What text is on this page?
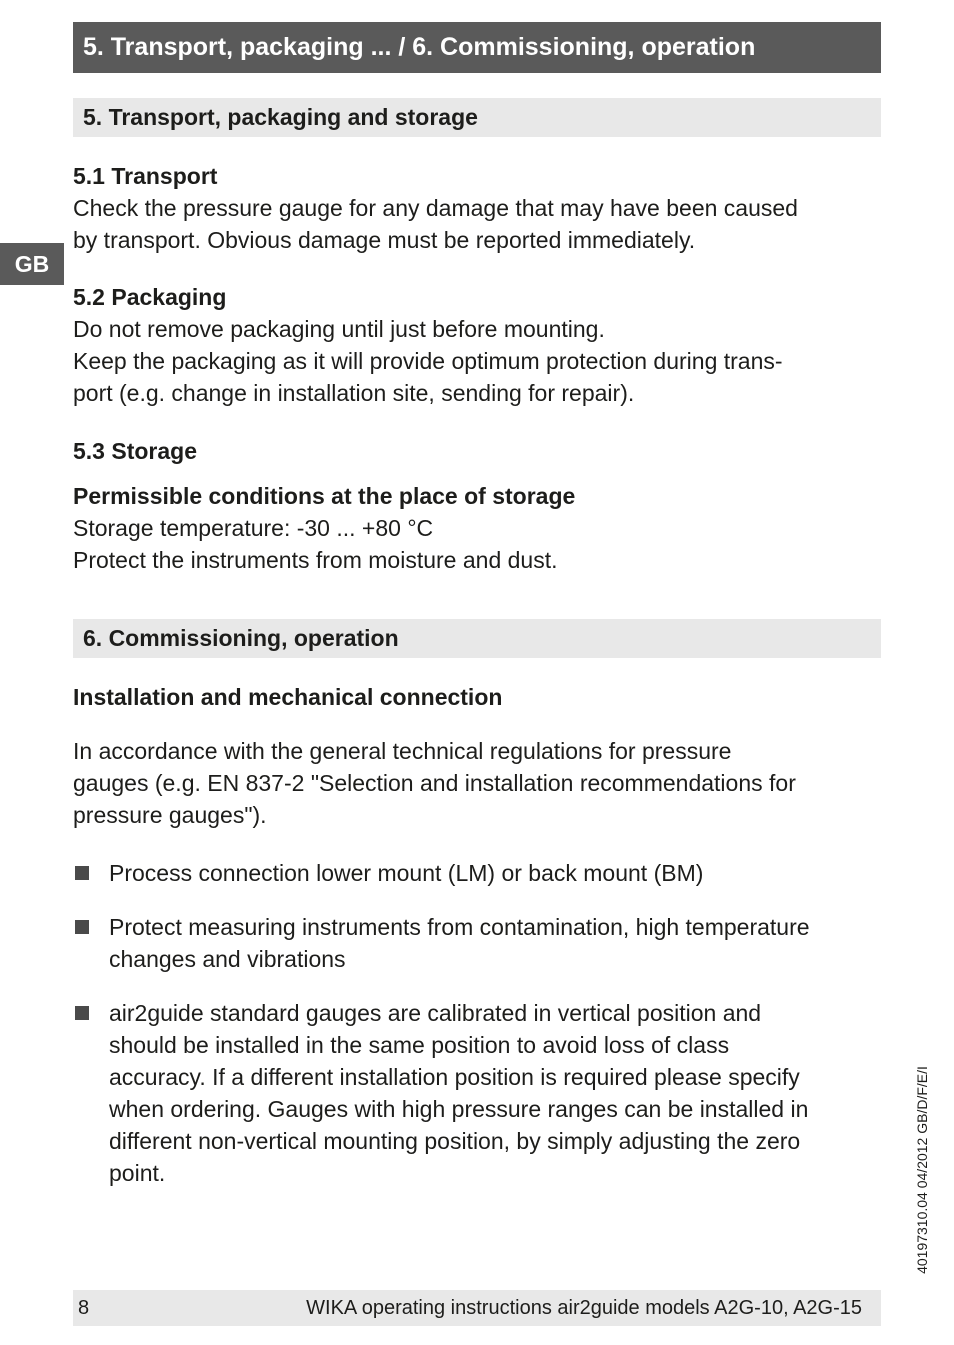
5. Transport, packaging ... / 6. Commissioning, operation
5. Transport, packaging and storage
GB

5.1 Transport

Check the pressure gauge for any damage that may have been caused

by transport. Obvious damage must be reported immediately.

5.2 Packaging

Do not remove packaging until just before mounting.

Keep the packaging as it will provide optimum protection during trans-

port (e.g. change in installation site, sending for repair).

5.3 Storage

Permissible conditions at the place of storage

Storage temperature: -30 ... +80 °C

Protect the instruments from moisture and dust.

6. Commissioning, operation

Installation and mechanical connection

In accordance with the general technical regulations for pressure

gauges (e.g. EN 837-2 "Selection and installation recommendations for

pressure gauges").

Process connection lower mount (LM) or back mount (BM)
Protect measuring instruments from contamination, high temperature
changes and vibrations
air2guide standard gauges are calibrated in vertical position and
should be installed in the same position to avoid loss of class
accuracy. If a different installation position is required please specify
when ordering. Gauges with high pressure ranges can be installed in
different non-vertical mounting position, by simply adjusting the zero
point.	40197310.04 04/2012 GB/D/F/E/I
8	WIKA operating instructions air2guide models A2G-10, A2G-15
